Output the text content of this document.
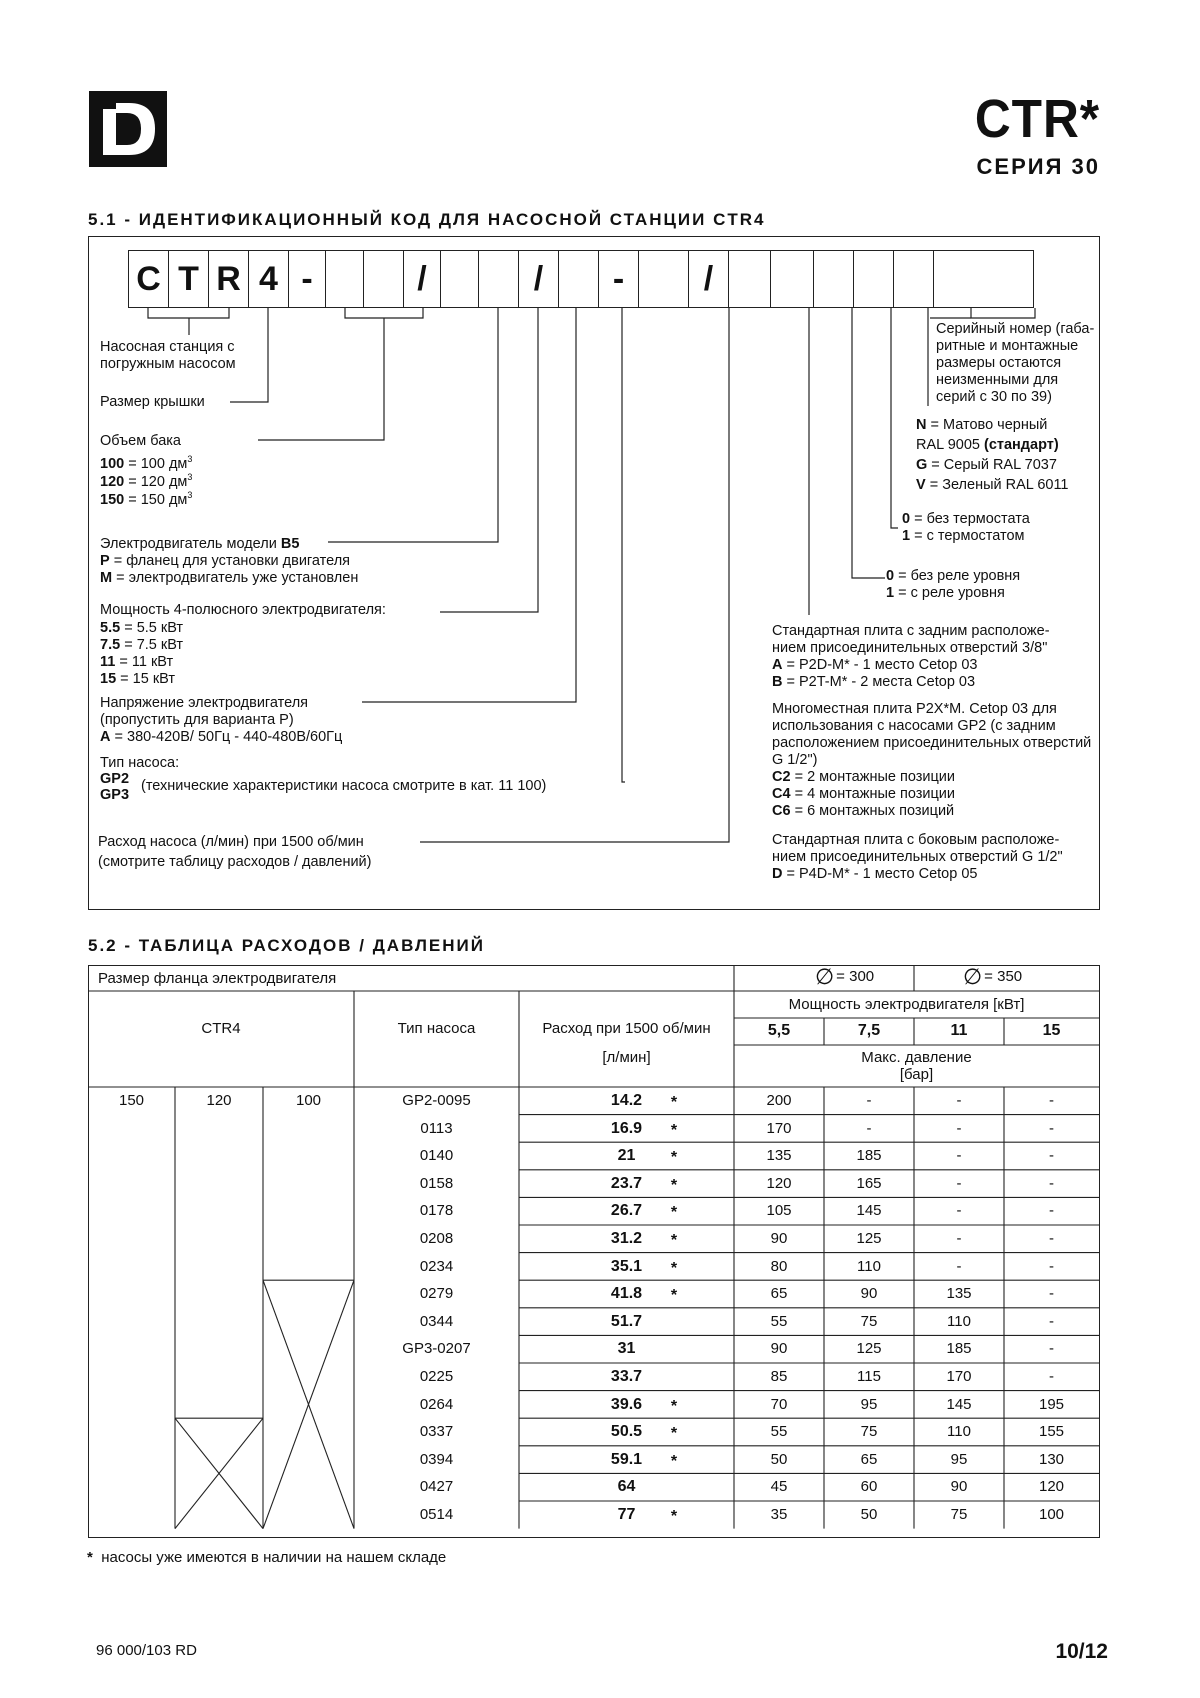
CTR*
СЕРИЯ 30
5.1 - ИДЕНТИФИКАЦИОННЫЙ КОД ДЛЯ НАСОСНОЙ СТАНЦИИ CTR4
C T R 4 -	/	/	-	/
Насосная станция с
погружным насосом
Размер крышки
Объем бака
100 = 100 $дм^3$
120 = 120 $дм^3$
150 = 150 $дм^3$
Электродвигатель модели B5
P = фланец для установки двигателя
M = электродвигатель уже установлен
Мощность 4-полюсного электродвигателя:
5.5 = 5.5 кВт
7.5 = 7.5 кВт
11 = 11 кВт
15 = 15 кВт
Напряжение электродвигателя
(пропустить для варианта P)
A = 380-420В/ 50Гц - 440-480В/60Гц
Тип насоса:
GP2
GP3
(технические характеристики насоса смотрите в кат. 11 100)
Расход насоса (л/мин) при 1500 об/мин
(смотрите таблицу расходов / давлений)
Серийный номер (габа-
ритные и монтажные
размеры остаются
неизменными для
серий с 30 по 39)
N = Матово черный
RAL 9005 (стандарт)
G = Серый RAL 7037
V = Зеленый RAL 6011
0 = без термостата
1 = с термостатом
0 = без реле уровня
1 = с реле уровня
Стандартная плита с задним расположе-
нием присоединительных отверстий 3/8"
A = P2D-M* - 1 место Cetop 03
B = P2T-M* - 2 места Cetop 03
Многоместная плита P2X*M. Cetop 03 для
использования с насосами GP2 (с задним
расположением присоединительных отверстий
G 1/2")
C2 = 2 монтажные позиции
C4 = 4 монтажные позиции
C6 = 6 монтажных позиций
Стандартная плита с боковым расположе-
нием присоединительных отверстий G 1/2"
D = P4D-M* - 1 место Cetop 05
5.2 - ТАБЛИЦА РАСХОДОВ / ДАВЛЕНИЙ
Размер фланца электродвигателя	∅ = 300	∅ = 350
Мощность электродвигателя [кВт]
CTR4	Тип насоса	Расход при 1500 об/мин
[л/мин]
5,5	7,5	11	15
Макс. давление
[бар]
150	120	100	GP2-0095	14.2	*	200	-	-	-
0113	16.9	*	170	-	-	-
0140	21	*	135	185	-	-
0158	23.7	*	120	165	-	-
0178	26.7	*	105	145	-	-
0208	31.2	*	90	125	-	-
0234	35.1	*	80	110	-	-
0279	41.8	*	65	90	135	-
0344	51.7	55	75	110	-
GP3-0207	31	90	125	185	-
0225	33.7	85	115	170	-
0264	39.6	*	70	95	145	195
0337	50.5	*	55	75	110	155
0394	59.1	*	50	65	95	130
0427	64	45	60	90	120
0514	77	*	35	50	75	100
* насосы уже имеются в наличии на нашем складе
96 000/103 RD	10/12
